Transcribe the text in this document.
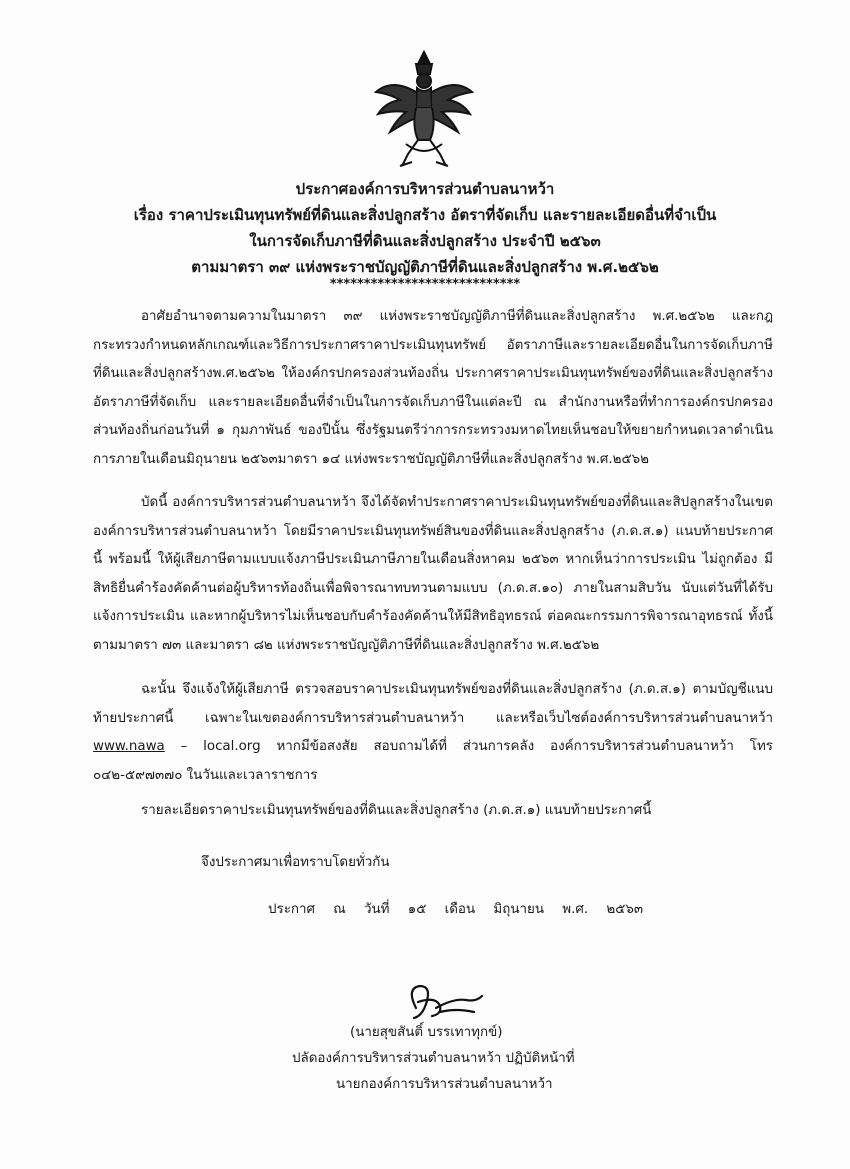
ประกาศองค์การบริหารส่วนตำบลนาหว้า
เรื่อง ราคาประเมินทุนทรัพย์ที่ดินและสิ่งปลูกสร้าง อัตราที่จัดเก็บ และรายละเอียดอื่นที่จำเป็น
ในการจัดเก็บภาษีที่ดินและสิ่งปลูกสร้าง ประจำปี ๒๕๖๓
ตามมาตรา ๓๙ แห่งพระราชบัญญัติภาษีที่ดินและสิ่งปลูกสร้าง พ.ศ.๒๕๖๒
****************************
อาศัยอำนาจตามความในมาตรา ๓๙ แห่งพระราชบัญญัติภาษีที่ดินและสิ่งปลูกสร้าง พ.ศ.๒๕๖๒ และกฎกระทรวงกำหนดหลักเกณฑ์และวิธีการประกาศราคาประเมินทุนทรัพย์ อัตราภาษีและรายละเอียดอื่นในการจัดเก็บภาษีที่ดินและสิ่งปลูกสร้างพ.ศ.๒๕๖๒ ให้องค์กรปกครองส่วนท้องถิ่น ประกาศราคาประเมินทุนทรัพย์ของที่ดินและสิ่งปลูกสร้าง อัตราภาษีที่จัดเก็บ และรายละเอียดอื่นที่จำเป็นในการจัดเก็บภาษีในแต่ละปี ณ สำนักงานหรือที่ทำการองค์กรปกครองส่วนท้องถิ่นก่อนวันที่ ๑ กุมภาพันธ์ ของปีนั้น ซึ่งรัฐมนตรีว่าการกระทรวงมหาดไทยเห็นชอบให้ขยายกำหนดเวลาดำเนินการภายในเดือนมิถุนายน ๒๕๖๓มาตรา ๑๔ แห่งพระราชบัญญัติภาษีที่และสิ่งปลูกสร้าง พ.ศ.๒๕๖๒
บัดนี้ องค์การบริหารส่วนตำบลนาหว้า จึงได้จัดทำประกาศราคาประเมินทุนทรัพย์ของที่ดินและสิปลูกสร้างในเขตองค์การบริหารส่วนตำบลนาหว้า โดยมีราคาประเมินทุนทรัพย์สินของที่ดินและสิ่งปลูกสร้าง (ภ.ด.ส.๑) แนบท้ายประกาศนี้ พร้อมนี้ ให้ผู้เสียภาษีตามแบบแจ้งภาษีประเมินภาษีภายในเดือนสิ่งหาคม ๒๕๖๓ หากเห็นว่าการประเมิน ไม่ถูกต้อง มีสิทธิยื่นคำร้องคัดค้านต่อผู้บริหารท้องถิ่นเพื่อพิจารณาทบทวนตามแบบ (ภ.ด.ส.๑๐) ภายในสามสิบวัน นับแต่วันที่ได้รับแจ้งการประเมิน และหากผู้บริหารไม่เห็นชอบกับคำร้องคัดค้านให้มีสิทธิอุทธรณ์ ต่อคณะกรรมการพิจารณาอุทธรณ์ ทั้งนี้ ตามมาตรา ๗๓ และมาตรา ๘๒ แห่งพระราชบัญญัติภาษีที่ดินและสิ่งปลูกสร้าง พ.ศ.๒๕๖๒
ฉะนั้น จึงแจ้งให้ผู้เสียภาษี ตรวจสอบราคาประเมินทุนทรัพย์ของที่ดินและสิ่งปลูกสร้าง (ภ.ด.ส.๑) ตามบัญชีแนบท้ายประกาศนี้ เฉพาะในเขตองค์การบริหารส่วนตำบลนาหว้า และหรือเว็บไซต์องค์การบริหารส่วนตำบลนาหว้า www.nawa – local.org หากมีข้อสงสัย สอบถามได้ที่ ส่วนการคลัง องค์การบริหารส่วนตำบลนาหว้า โทร ๐๔๒-๕๙๗๓๗๐ ในวันและเวลาราชการ
รายละเอียดราคาประเมินทุนทรัพย์ของที่ดินและสิ่งปลูกสร้าง (ภ.ด.ส.๑) แนบท้ายประกาศนี้
จึงประกาศมาเพื่อทราบโดยทั่วกัน
ประกาศ ณ วันที่ ๑๕ เดือน มิถุนายน พ.ศ. ๒๕๖๓
(นายสุขสันติ์ บรรเทาทุกข์)
ปลัดองค์การบริหารส่วนตำบลนาหว้า ปฏิบัติหน้าที่
นายกองค์การบริหารส่วนตำบลนาหว้า
